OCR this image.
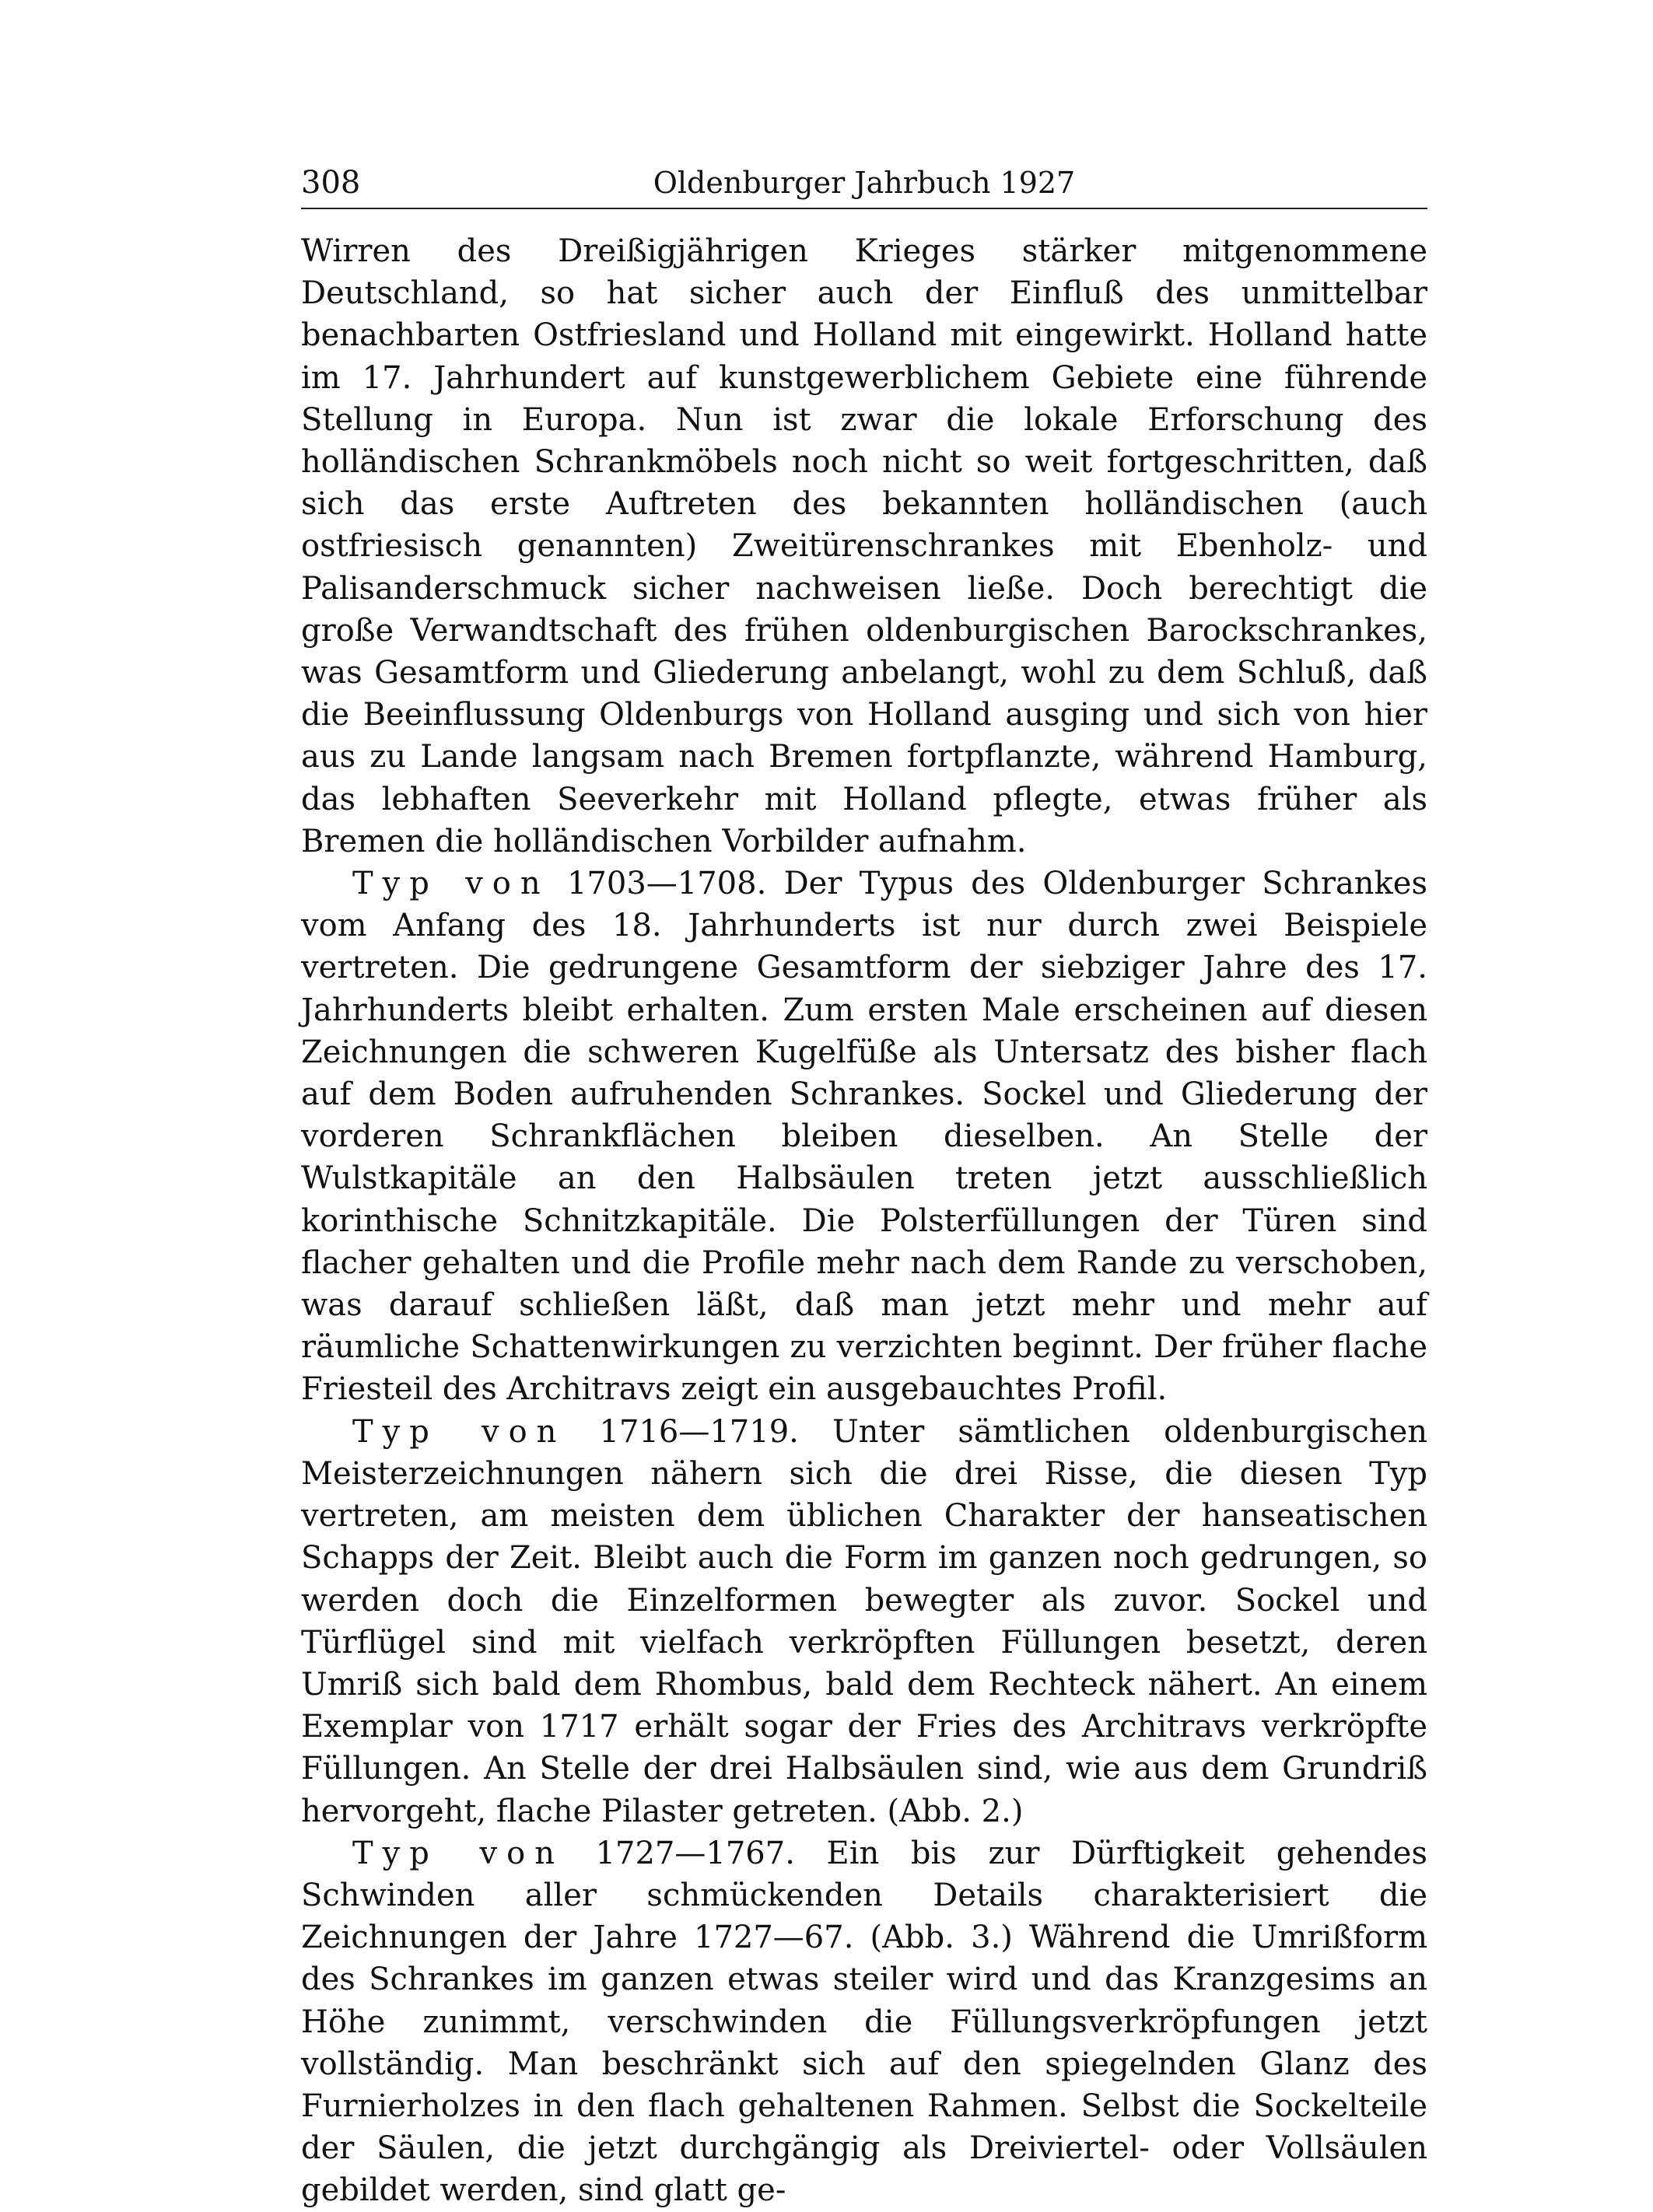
308	Oldenburger Jahrbuch 1927

Wirren des Dreißigjährigen Krieges stärker mitgenommene Deutschland, so hat sicher auch der Einfluß des unmittelbar benachbarten Ostfriesland und Holland mit eingewirkt. Holland hatte im 17. Jahrhundert auf kunstgewerblichem Gebiete eine führende Stellung in Europa. Nun ist zwar die lokale Erforschung des holländischen Schrankmöbels noch nicht so weit fortgeschritten, daß sich das erste Auftreten des bekannten holländischen (auch ostfriesisch genannten) Zweitürenschrankes mit Ebenholz- und Palisanderschmuck sicher nachweisen ließe. Doch berechtigt die große Verwandtschaft des frühen oldenburgischen Barockschrankes, was Gesamtform und Gliederung anbelangt, wohl zu dem Schluß, daß die Beeinflussung Oldenburgs von Holland ausging und sich von hier aus zu Lande langsam nach Bremen fortpflanzte, während Hamburg, das lebhaften Seeverkehr mit Holland pflegte, etwas früher als Bremen die holländischen Vorbilder aufnahm.

Typ von 1703—1708. Der Typus des Oldenburger Schrankes vom Anfang des 18. Jahrhunderts ist nur durch zwei Beispiele vertreten. Die gedrungene Gesamtform der siebziger Jahre des 17. Jahrhunderts bleibt erhalten. Zum ersten Male erscheinen auf diesen Zeichnungen die schweren Kugelfüße als Untersatz des bisher flach auf dem Boden aufruhenden Schrankes. Sockel und Gliederung der vorderen Schrankflächen bleiben dieselben. An Stelle der Wulstkapitäle an den Halbsäulen treten jetzt ausschließlich korinthische Schnitzkapitäle. Die Polsterfüllungen der Türen sind flacher gehalten und die Profile mehr nach dem Rande zu verschoben, was darauf schließen läßt, daß man jetzt mehr und mehr auf räumliche Schattenwirkungen zu verzichten beginnt. Der früher flache Friesteil des Architravs zeigt ein ausgebauchtes Profil.

Typ von 1716—1719. Unter sämtlichen oldenburgischen Meisterzeichnungen nähern sich die drei Risse, die diesen Typ vertreten, am meisten dem üblichen Charakter der hanseatischen Schapps der Zeit. Bleibt auch die Form im ganzen noch gedrungen, so werden doch die Einzelformen bewegter als zuvor. Sockel und Türflügel sind mit vielfach verkröpften Füllungen besetzt, deren Umriß sich bald dem Rhombus, bald dem Rechteck nähert. An einem Exemplar von 1717 erhält sogar der Fries des Architravs verkröpfte Füllungen. An Stelle der drei Halbsäulen sind, wie aus dem Grundriß hervorgeht, flache Pilaster getreten. (Abb. 2.)

Typ von 1727—1767. Ein bis zur Dürftigkeit gehendes Schwinden aller schmückenden Details charakterisiert die Zeichnungen der Jahre 1727—67. (Abb. 3.) Während die Umrißform des Schrankes im ganzen etwas steiler wird und das Kranzgesims an Höhe zunimmt, verschwinden die Füllungsverkröpfungen jetzt vollständig. Man beschränkt sich auf den spiegelnden Glanz des Furnierholzes in den flach gehaltenen Rahmen. Selbst die Sockelteile der Säulen, die jetzt durchgängig als Dreiviertel- oder Vollsäulen gebildet werden, sind glatt ge-
